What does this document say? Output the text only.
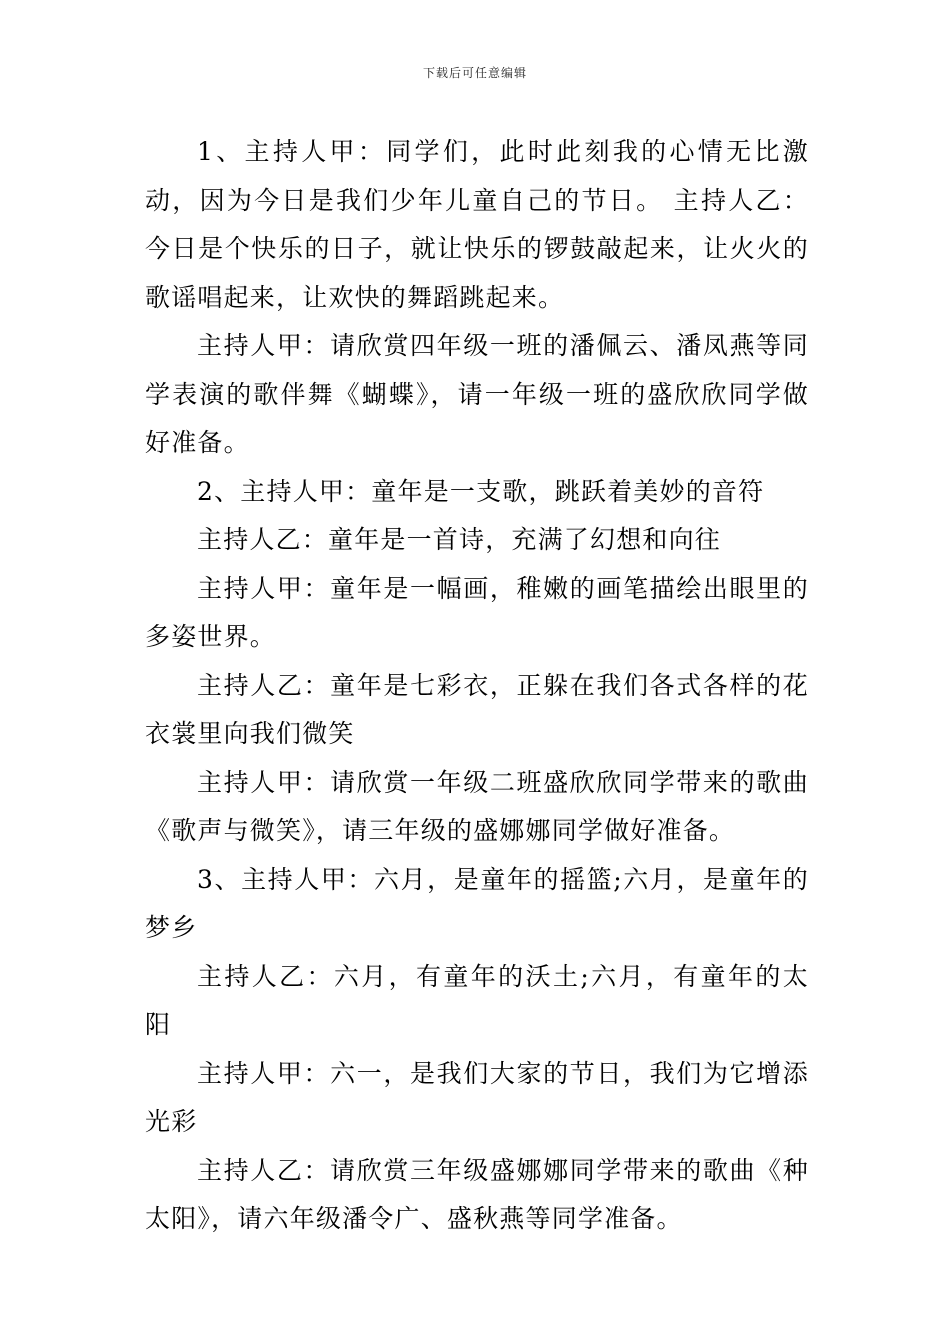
下载后可任意编辑

1、主持人甲：同学们，此时此刻我的心情无比激动，因为今日是我们少年儿童自己的节日。 主持人乙：今日是个快乐的日子，就让快乐的锣鼓敲起来，让火火的歌谣唱起来，让欢快的舞蹈跳起来。

主持人甲：请欣赏四年级一班的潘佩云、潘凤燕等同学表演的歌伴舞《蝴蝶》，请一年级一班的盛欣欣同学做好准备。

2、主持人甲：童年是一支歌，跳跃着美妙的音符

主持人乙：童年是一首诗，充满了幻想和向往

主持人甲：童年是一幅画，稚嫩的画笔描绘出眼里的多姿世界。

主持人乙：童年是七彩衣，正躲在我们各式各样的花衣裳里向我们微笑

主持人甲：请欣赏一年级二班盛欣欣同学带来的歌曲《歌声与微笑》，请三年级的盛娜娜同学做好准备。

3、主持人甲：六月，是童年的摇篮;六月，是童年的梦乡

主持人乙：六月，有童年的沃土;六月，有童年的太阳

主持人甲：六一，是我们大家的节日，我们为它增添光彩

主持人乙：请欣赏三年级盛娜娜同学带来的歌曲《种太阳》，请六年级潘令广、盛秋燕等同学准备。
